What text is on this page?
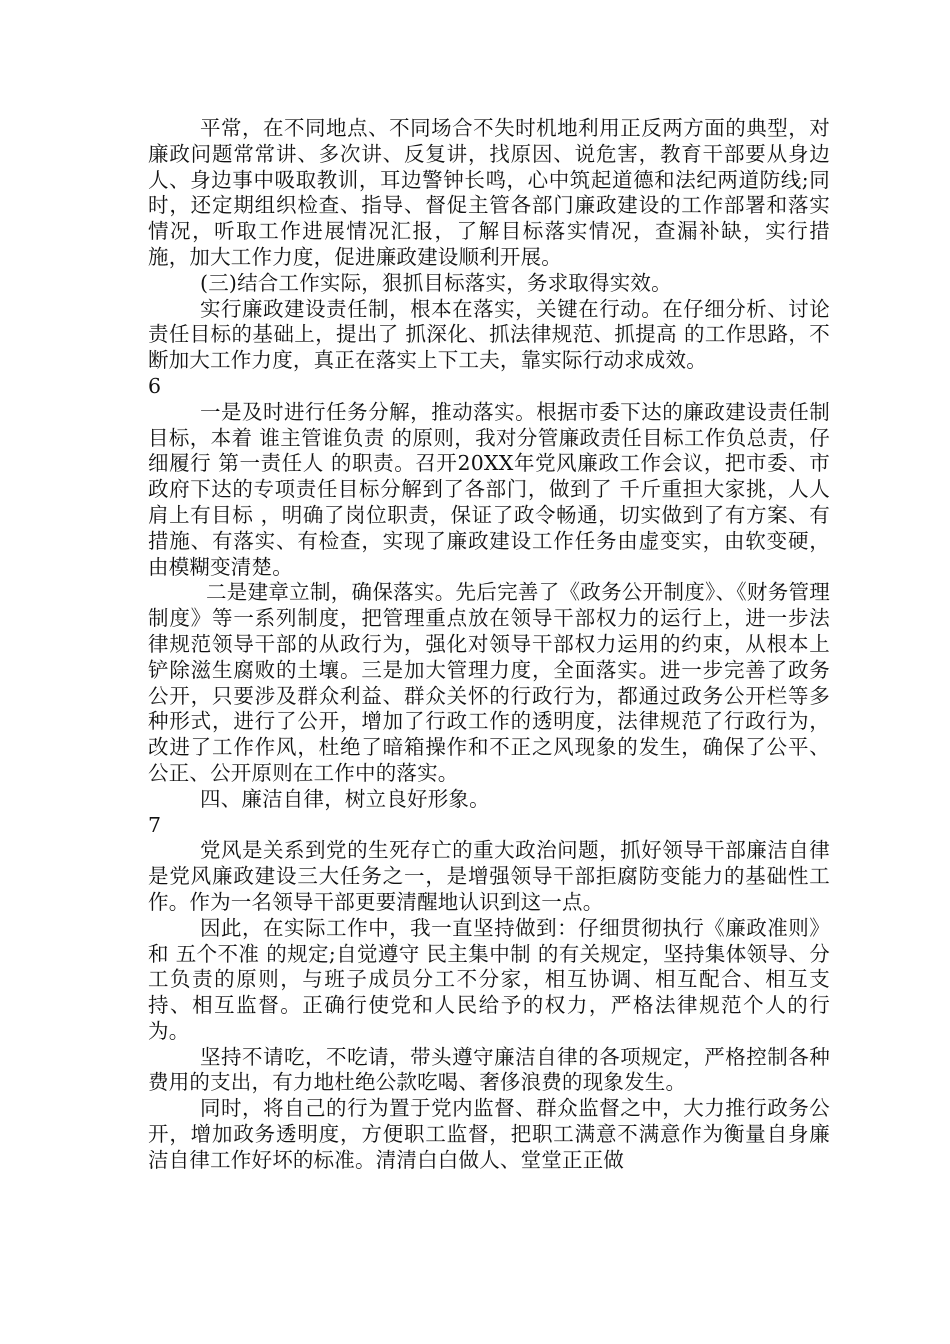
平常，在不同地点、不同场合不失时机地利用正反两方面的典型，对廉政问题常常讲、多次讲、反复讲，找原因、说危害，教育干部要从身边人、身边事中吸取教训，耳边警钟长鸣，心中筑起道德和法纪两道防线;同时，还定期组织检查、指导、督促主管各部门廉政建设的工作部署和落实情况，听取工作进展情况汇报，了解目标落实情况，查漏补缺，实行措施，加大工作力度，促进廉政建设顺利开展。

(三)结合工作实际，狠抓目标落实，务求取得实效。

实行廉政建设责任制，根本在落实，关键在行动。在仔细分析、讨论责任目标的基础上，提出了 抓深化、抓法律规范、抓提高 的工作思路，不断加大工作力度，真正在落实上下工夫，靠实际行动求成效。

6

一是及时进行任务分解，推动落实。根据市委下达的廉政建设责任制目标，本着 谁主管谁负责 的原则，我对分管廉政责任目标工作负总责，仔细履行 第一责任人 的职责。召开20XX年党风廉政工作会议，把市委、市政府下达的专项责任目标分解到了各部门，做到了 千斤重担大家挑，人人肩上有目标 ，明确了岗位职责，保证了政令畅通，切实做到了有方案、有措施、有落实、有检查，实现了廉政建设工作任务由虚变实，由软变硬，由模糊变清楚。

二是建章立制，确保落实。先后完善了《政务公开制度》、《财务管理制度》等一系列制度，把管理重点放在领导干部权力的运行上，进一步法律规范领导干部的从政行为，强化对领导干部权力运用的约束，从根本上铲除滋生腐败的土壤。三是加大管理力度，全面落实。进一步完善了政务公开，只要涉及群众利益、群众关怀的行政行为，都通过政务公开栏等多种形式，进行了公开，增加了行政工作的透明度，法律规范了行政行为，改进了工作作风，杜绝了暗箱操作和不正之风现象的发生，确保了公平、公正、公开原则在工作中的落实。

四、廉洁自律，树立良好形象。

7

党风是关系到党的生死存亡的重大政治问题，抓好领导干部廉洁自律是党风廉政建设三大任务之一，是增强领导干部拒腐防变能力的基础性工作。作为一名领导干部更要清醒地认识到这一点。

因此，在实际工作中，我一直坚持做到：仔细贯彻执行《廉政准则》和 五个不准 的规定;自觉遵守 民主集中制 的有关规定，坚持集体领导、分工负责的原则，与班子成员分工不分家，相互协调、相互配合、相互支持、相互监督。正确行使党和人民给予的权力，严格法律规范个人的行为。

坚持不请吃，不吃请，带头遵守廉洁自律的各项规定，严格控制各种费用的支出，有力地杜绝公款吃喝、奢侈浪费的现象发生。

同时，将自己的行为置于党内监督、群众监督之中，大力推行政务公开，增加政务透明度，方便职工监督，把职工满意不满意作为衡量自身廉洁自律工作好坏的标准。清清白白做人、堂堂正正做
